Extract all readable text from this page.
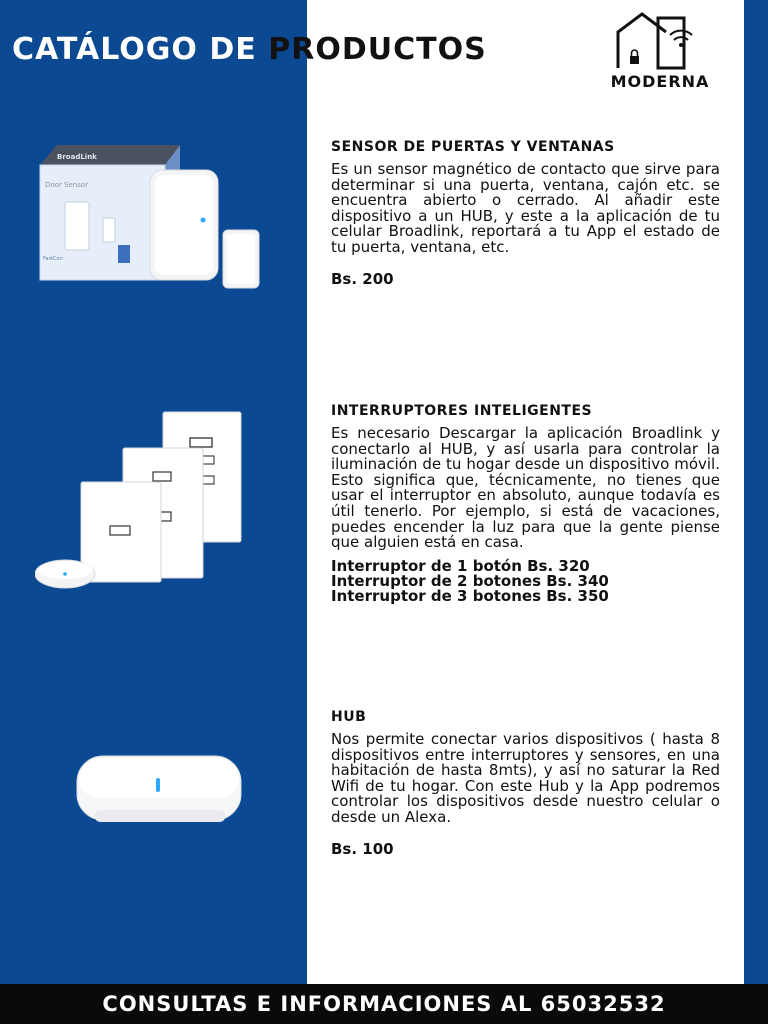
CATÁLOGO DE PRODUCTOS
MODERNA
BroadLink
Door Sensor
FastCon
SENSOR DE PUERTAS Y VENTANAS

Es un sensor magnético de contacto que sirve para determinar si una puerta, ventana, cajón etc. se encuentra abierto o cerrado. Al añadir este dispositivo a un HUB, y este a la aplicación de tu celular Broadlink, reportará a tu App el estado de tu puerta, ventana, etc.

Bs. 200
INTERRUPTORES INTELIGENTES

Es necesario Descargar la aplicación Broadlink y conectarlo al HUB, y así usarla para controlar la iluminación de tu hogar desde un dispositivo móvil. Esto significa que, técnicamente, no tienes que usar el interruptor en absoluto, aunque todavía es útil tenerlo. Por ejemplo, si está de vacaciones, puedes encender la luz para que la gente piense que alguien está en casa.

Interruptor de 1 botón Bs. 320
Interruptor de 2 botones Bs. 340
Interruptor de 3 botones Bs. 350
HUB

Nos permite conectar varios dispositivos ( hasta 8 dispositivos entre interruptores y sensores, en una habitación de hasta 8mts), y así no saturar la Red Wifi de tu hogar. Con este Hub y la App podremos controlar los dispositivos desde nuestro celular o desde un Alexa.

Bs. 100
CONSULTAS E INFORMACIONES AL 65032532
